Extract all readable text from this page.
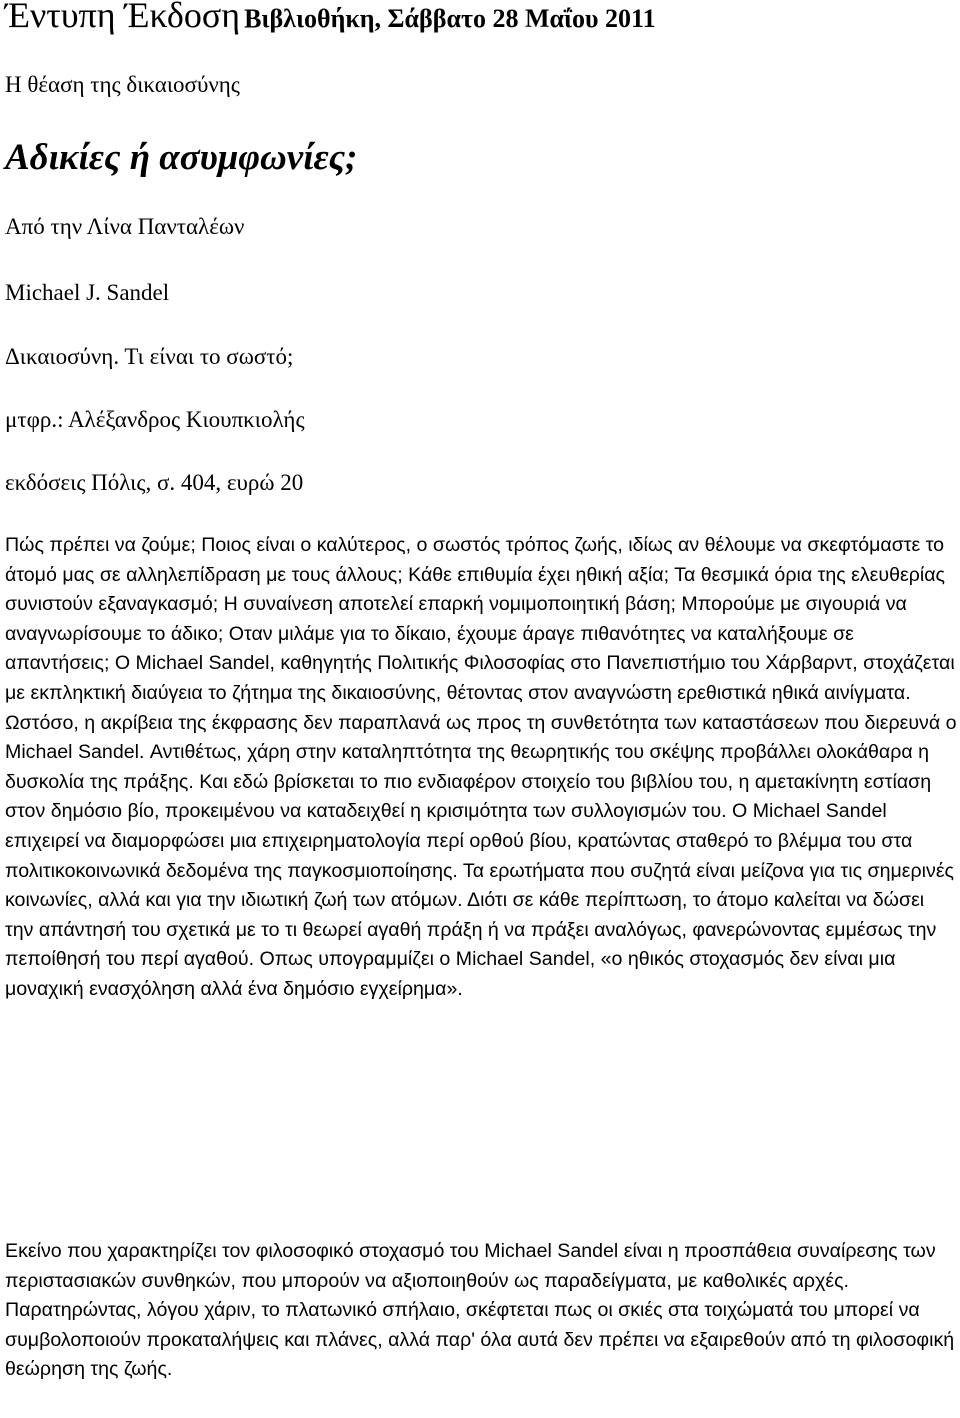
Έντυπη Έκδοση Βιβλιοθήκη, Σάββατο 28 Μαΐου 2011

Η θέαση της δικαιοσύνης

Αδικίες ή ασυμφωνίες;

Από την Λίνα Πανταλέων

Michael J. Sandel

Δικαιοσύνη. Τι είναι το σωστό;

μτφρ.: Αλέξανδρος Κιουπκιολής

εκδόσεις Πόλις, σ. 404, ευρώ 20

Πώς πρέπει να ζούμε; Ποιος είναι ο καλύτερος, ο σωστός τρόπος ζωής, ιδίως αν θέλουμε να σκεφτόμαστε το άτομό μας σε αλληλεπίδραση με τους άλλους; Κάθε επιθυμία έχει ηθική αξία; Τα θεσμικά όρια της ελευθερίας συνιστούν εξαναγκασμό; Η συναίνεση αποτελεί επαρκή νομιμοποιητική βάση; Μπορούμε με σιγουριά να αναγνωρίσουμε το άδικο; Οταν μιλάμε για το δίκαιο, έχουμε άραγε πιθανότητες να καταλήξουμε σε απαντήσεις; Ο Michael Sandel, καθηγητής Πολιτικής Φιλοσοφίας στο Πανεπιστήμιο του Χάρβαρντ, στοχάζεται με εκπληκτική διαύγεια το ζήτημα της δικαιοσύνης, θέτοντας στον αναγνώστη ερεθιστικά ηθικά αινίγματα. Ωστόσο, η ακρίβεια της έκφρασης δεν παραπλανά ως προς τη συνθετότητα των καταστάσεων που διερευνά ο Michael Sandel. Αντιθέτως, χάρη στην καταληπτότητα της θεωρητικής του σκέψης προβάλλει ολοκάθαρα η δυσκολία της πράξης. Και εδώ βρίσκεται το πιο ενδιαφέρον στοιχείο του βιβλίου του, η αμετακίνητη εστίαση στον δημόσιο βίο, προκειμένου να καταδειχθεί η κρισιμότητα των συλλογισμών του. Ο Michael Sandel επιχειρεί να διαμορφώσει μια επιχειρηματολογία περί ορθού βίου, κρατώντας σταθερό το βλέμμα του στα πολιτικοκοινωνικά δεδομένα της παγκοσμιοποίησης. Τα ερωτήματα που συζητά είναι μείζονα για τις σημερινές κοινωνίες, αλλά και για την ιδιωτική ζωή των ατόμων. Διότι σε κάθε περίπτωση, το άτομο καλείται να δώσει την απάντησή του σχετικά με το τι θεωρεί αγαθή πράξη ή να πράξει αναλόγως, φανερώνοντας εμμέσως την πεποίθησή του περί αγαθού. Οπως υπογραμμίζει ο Michael Sandel, «ο ηθικός στοχασμός δεν είναι μια μοναχική ενασχόληση αλλά ένα δημόσιο εγχείρημα».

Εκείνο που χαρακτηρίζει τον φιλοσοφικό στοχασμό του Michael Sandel είναι η προσπάθεια συναίρεσης των περιστασιακών συνθηκών, που μπορούν να αξιοποιηθούν ως παραδείγματα, με καθολικές αρχές. Παρατηρώντας, λόγου χάριν, το πλατωνικό σπήλαιο, σκέφτεται πως οι σκιές στα τοιχώματά του μπορεί να συμβολοποιούν προκαταλήψεις και πλάνες, αλλά παρ' όλα αυτά δεν πρέπει να εξαιρεθούν από τη φιλοσοφική θεώρηση της ζωής.
